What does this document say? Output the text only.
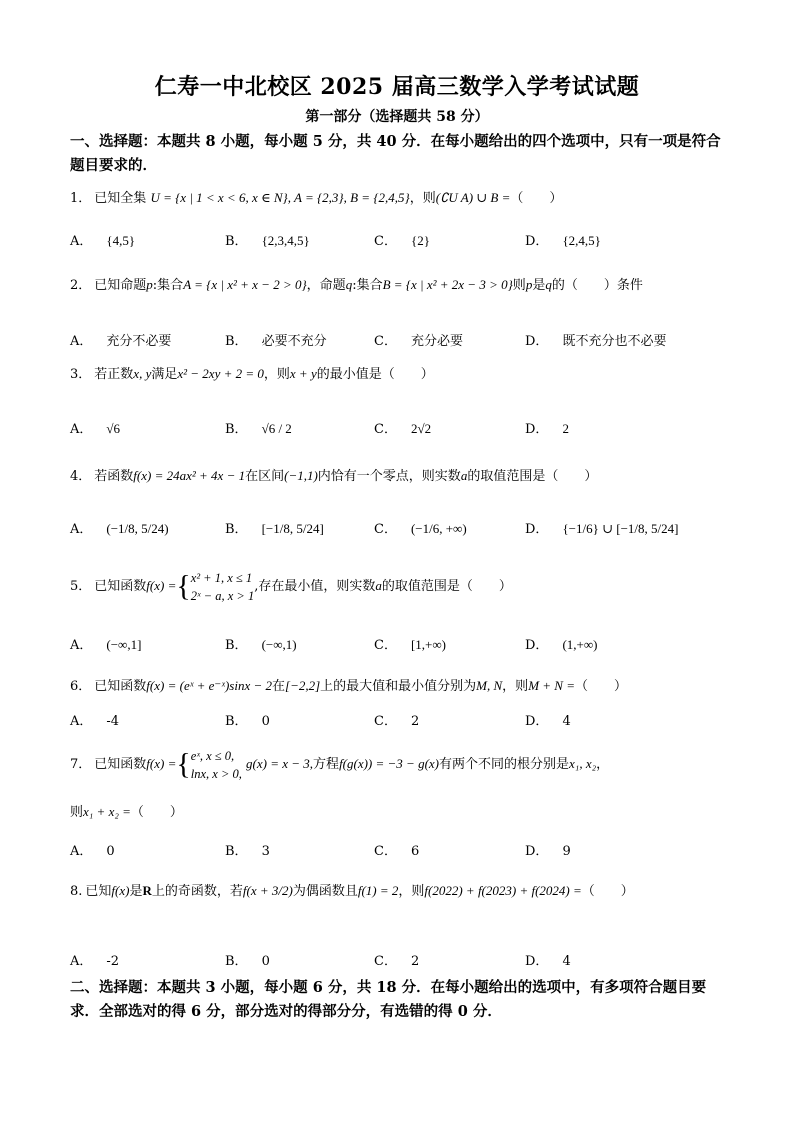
仁寿一中北校区 2025 届高三数学入学考试试题
第一部分（选择题共 58 分）
一、选择题：本题共 8 小题，每小题 5 分，共 40 分．在每小题给出的四个选项中，只有一项是符合题目要求的．
1． 已知全集 U = {x | 1 < x < 6, x ∈ N}, A = {2,3}, B = {2,4,5}，则(∁U A) ∪ B =（　　）
A． {4,5}	B． {2,3,4,5}	C． {2}	D． {2,4,5}
2． 已知命题p:集合A = {x | x² + x − 2 > 0}，命题q:集合B = {x | x² + 2x − 3 > 0}则p是q的（　　）条件
A． 充分不必要	B． 必要不充分	C． 充分必要	D． 既不充分也不必要
3． 若正数x, y满足x² − 2xy + 2 = 0，则x + y的最小值是（　　）
A． √6	B． √6 / 2	C． 2√2	D． 2
4． 若函数f(x) = 24ax² + 4x − 1在区间(−1,1)内恰有一个零点，则实数a的取值范围是（　　）
A． (−1/8, 5/24)	B． [−1/8, 5/24]	C． (−1/6, +∞)	D． {−1/6} ∪ [−1/8, 5/24]
5． 已知函数f(x) ={ x² + 1, x ≤ 1
2ˣ − a, x > 1
,存在最小值，则实数a的取值范围是（　　）
A． (−∞,1]	B． (−∞,1)	C． [1,+∞)	D． (1,+∞)
6． 已知函数f(x) = (eˣ + e⁻ˣ)sinx − 2在[−2,2]上的最大值和最小值分别为M, N，则M + N =（　　）
A． -4	B． 0	C． 2	D． 4
7． 已知函数f(x) ={ eˣ, x ≤ 0,
lnx, x > 0,
g(x) = x − 3,方程f(g(x)) = −3 − g(x)有两个不同的根分别是x₁, x₂，
则x₁ + x₂ =（　　）
A． 0	B． 3	C． 6	D． 9
8. 已知f(x)是R上的奇函数，若f(x + 3/2)为偶函数且f(1) = 2，则f(2022) + f(2023) + f(2024) =（　　）
A． -2	B． 0	C． 2	D． 4
二、选择题：本题共 3 小题，每小题 6 分，共 18 分．在每小题给出的选项中，有多项符合题目要求．全部选对的得 6 分，部分选对的得部分分，有选错的得 0 分．
